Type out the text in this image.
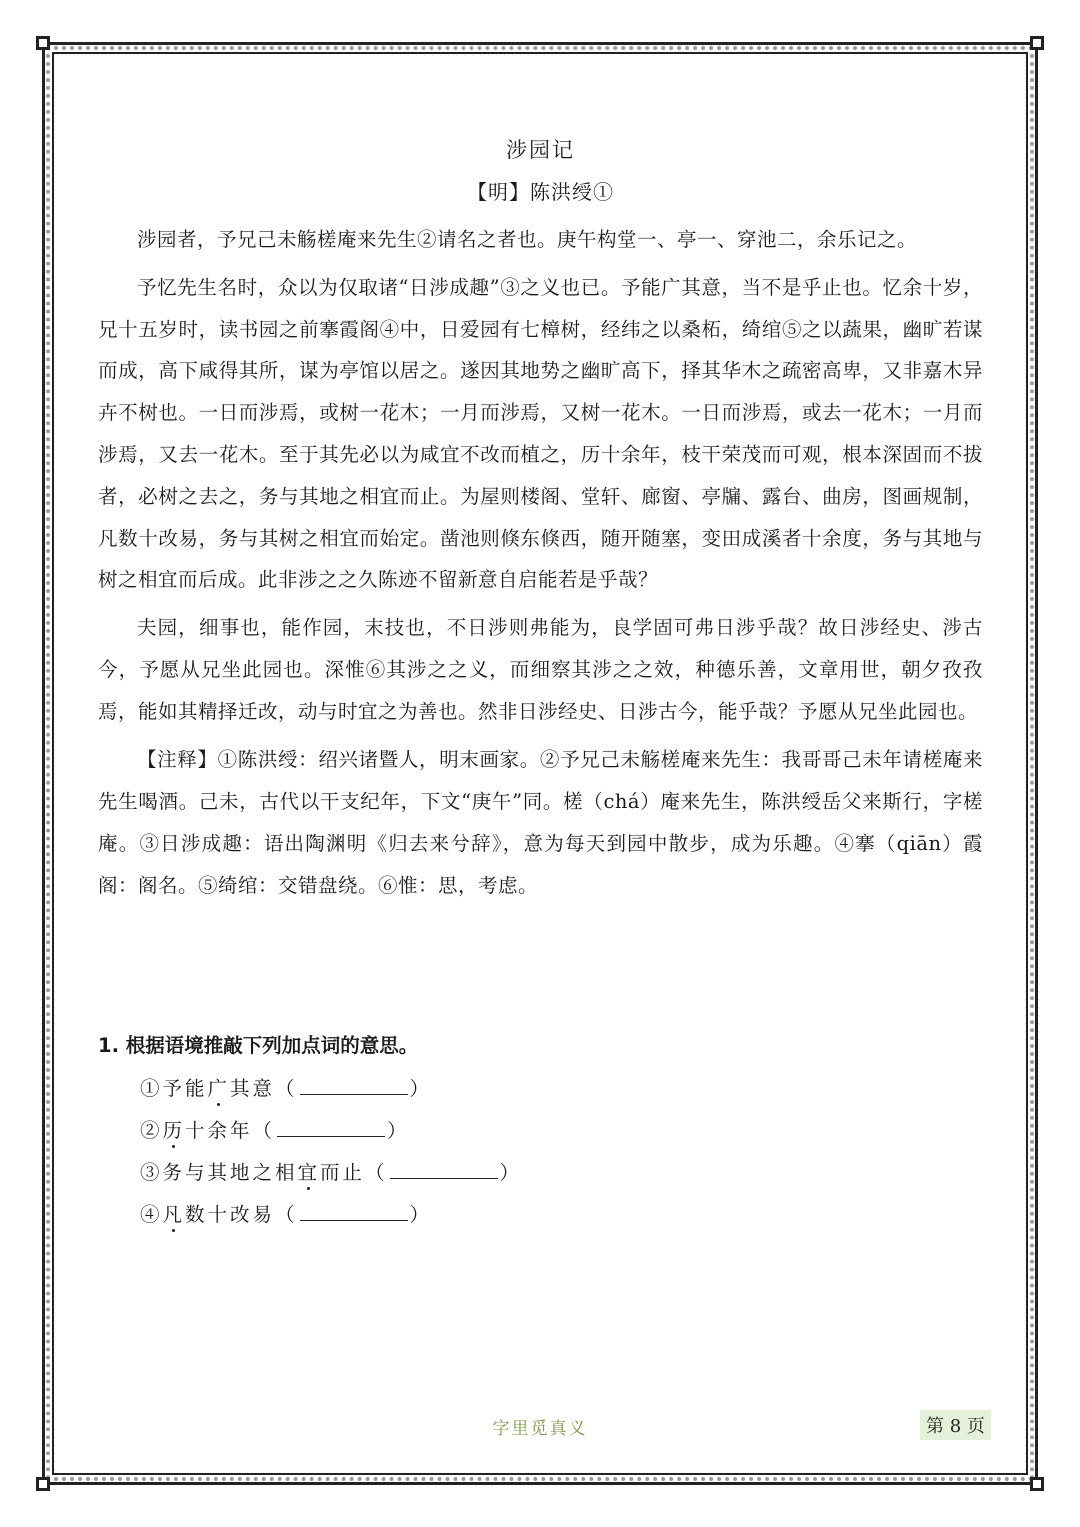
涉园记
【明】陈洪绶①

涉园者，予兄己未觞槎庵来先生②请名之者也。庚午构堂一、亭一、穿池二，余乐记之。

予忆先生名时，众以为仅取诸“日涉成趣”③之义也已。予能广其意，当不是乎止也。忆余十岁，兄十五岁时，读书园之前搴霞阁④中，日爱园有七樟树，经纬之以桑柘，绮绾⑤之以蔬果，幽旷若谋而成，高下咸得其所，谋为亭馆以居之。遂因其地势之幽旷高下，择其华木之疏密高卑，又非嘉木异卉不树也。一日而涉焉，或树一花木；一月而涉焉，又树一花木。一日而涉焉，或去一花木；一月而涉焉，又去一花木。至于其先必以为咸宜不改而植之，历十余年，枝干荣茂而可观，根本深固而不拔者，必树之去之，务与其地之相宜而止。为屋则楼阁、堂轩、廊窗、亭牖、露台、曲房，图画规制，凡数十改易，务与其树之相宜而始定。凿池则倏东倏西，随开随塞，变田成溪者十余度，务与其地与树之相宜而后成。此非涉之之久陈迹不留新意自启能若是乎哉？

夫园，细事也，能作园，末技也，不日涉则弗能为，良学固可弗日涉乎哉？故日涉经史、涉古今，予愿从兄坐此园也。深惟⑥其涉之之义，而细察其涉之之效，种德乐善，文章用世，朝夕孜孜焉，能如其精择迁改，动与时宜之为善也。然非日涉经史、日涉古今，能乎哉？予愿从兄坐此园也。

【注释】①陈洪绶：绍兴诸暨人，明末画家。②予兄己未觞槎庵来先生：我哥哥己未年请槎庵来先生喝酒。己未，古代以干支纪年，下文“庚午”同。槎（chá）庵来先生，陈洪绶岳父来斯行，字槎庵。③日涉成趣：语出陶渊明《归去来兮辞》，意为每天到园中散步，成为乐趣。④搴（qiān）霞阁：阁名。⑤绮绾：交错盘绕。⑥惟：思，考虑。

1. 根据语境推敲下列加点词的意思。
①予能广其意（	）
②历十余年（	）
③务与其地之相宜而止（	）
④凡数十改易（	）
字里觅真义	第 8 页
